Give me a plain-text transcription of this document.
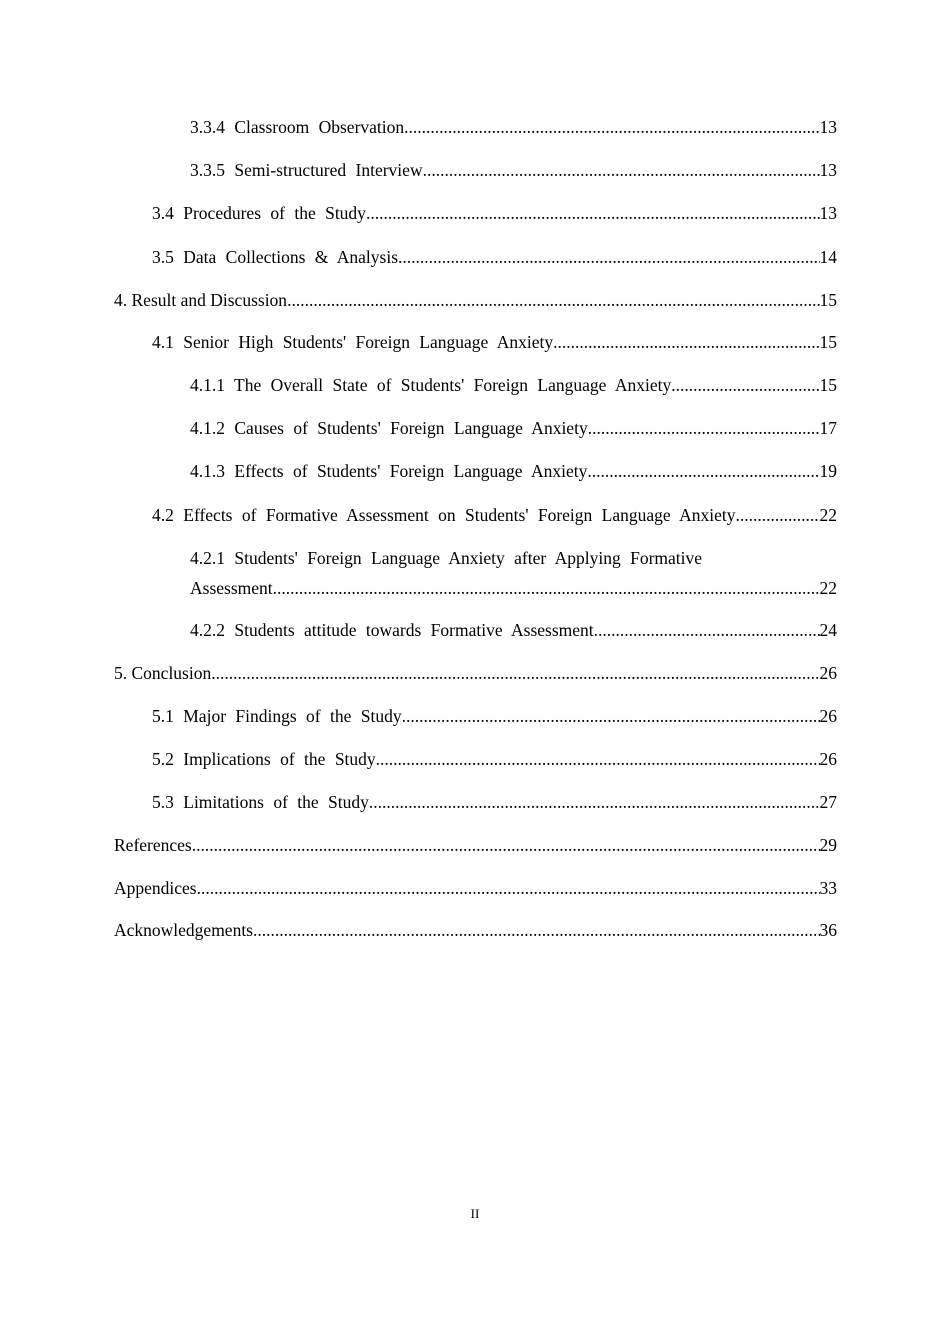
3.3.4 Classroom Observation .....	13
3.3.5 Semi-structured Interview .....	13
3.4 Procedures of the Study .....	13
3.5 Data Collections & Analysis .....	14
4. Result and Discussion .....	15
4.1 Senior High Students' Foreign Language Anxiety .....	15
4.1.1 The Overall State of Students' Foreign Language Anxiety .....	15
4.1.2 Causes of Students' Foreign Language Anxiety .....	17
4.1.3 Effects of Students' Foreign Language Anxiety .....	19
4.2 Effects of Formative Assessment on Students' Foreign Language Anxiety .....	22
4.2.1 Students' Foreign Language Anxiety after Applying Formative
Assessment .....	22
4.2.2 Students attitude towards Formative Assessment .....	24
5. Conclusion .....	26
5.1 Major Findings of the Study .....	26
5.2 Implications of the Study .....	26
5.3 Limitations of the Study .....	27
References .....	29
Appendices .....	33
Acknowledgements .....	36
II
